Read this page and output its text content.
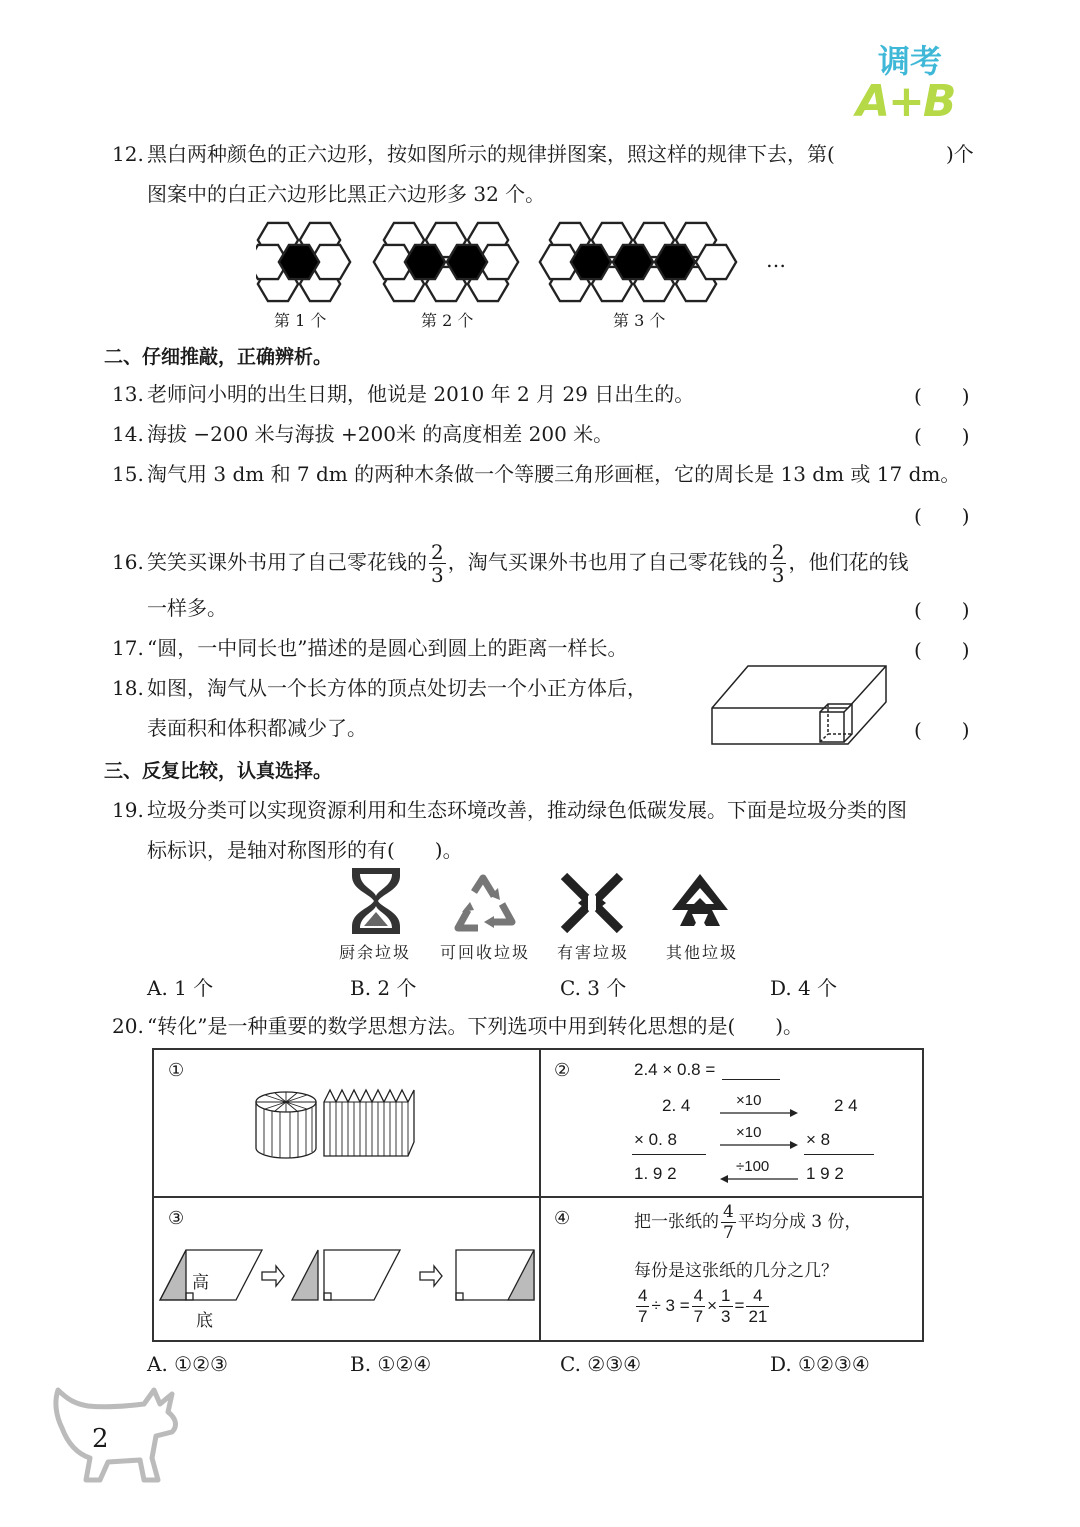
调考
A+B
12. 黑白两种颜色的正六边形，按如图所示的规律拼图案，照这样的规律下去，第(	)个
图案中的白正六边形比黑正六边形多 32 个。
…
第 1 个	第 2 个	第 3 个
二、仔细推敲，正确辨析。
13. 老师问小明的出生日期，他说是 2010 年 2 月 29 日出生的。	(　　)
14. 海拔 −200 米与海拔 +200米 的高度相差 200 米。	(　　)
15. 淘气用 3 dm 和 7 dm 的两种木条做一个等腰三角形画框，它的周长是 13 dm 或 17 dm。
(　　)
16. 笑笑买课外书用了自己零花钱的 $\frac{2}{3}$ ，淘气买课外书也用了自己零花钱的 $\frac{2}{3}$ ，他们花的钱
一样多。	(　　)
17. “圆，一中同长也”描述的是圆心到圆上的距离一样长。	(　　)
18. 如图，淘气从一个长方体的顶点处切去一个小正方体后，
表面积和体积都减少了。	(　　)
三、反复比较，认真选择。
19. 垃圾分类可以实现资源利用和生态环境改善，推动绿色低碳发展。下面是垃圾分类的图
标标识，是轴对称图形的有(　　)。
厨余垃圾 可回收垃圾 有害垃圾 其他垃圾
A. 1 个	B. 2 个	C. 3 个	D. 4 个
20. “转化”是一种重要的数学思想方法。下列选项中用到转化思想的是(　　)。
①	②	2.4 × 0.8 =
2. 4
× 0. 8
1. 9 2
×10
×10
÷100
2 4
× 8
1 9 2
③
高
底
④	把一张纸的 $\frac{4}{7}$ 平均分成 3 份，
每份是这张纸的几分之几？
$\frac{4}{7} \div 3 = \frac{4}{7} \times \frac{1}{3} = \frac{4}{21}$
A. ①②③	B. ①②④	C. ②③④	D. ①②③④
2
